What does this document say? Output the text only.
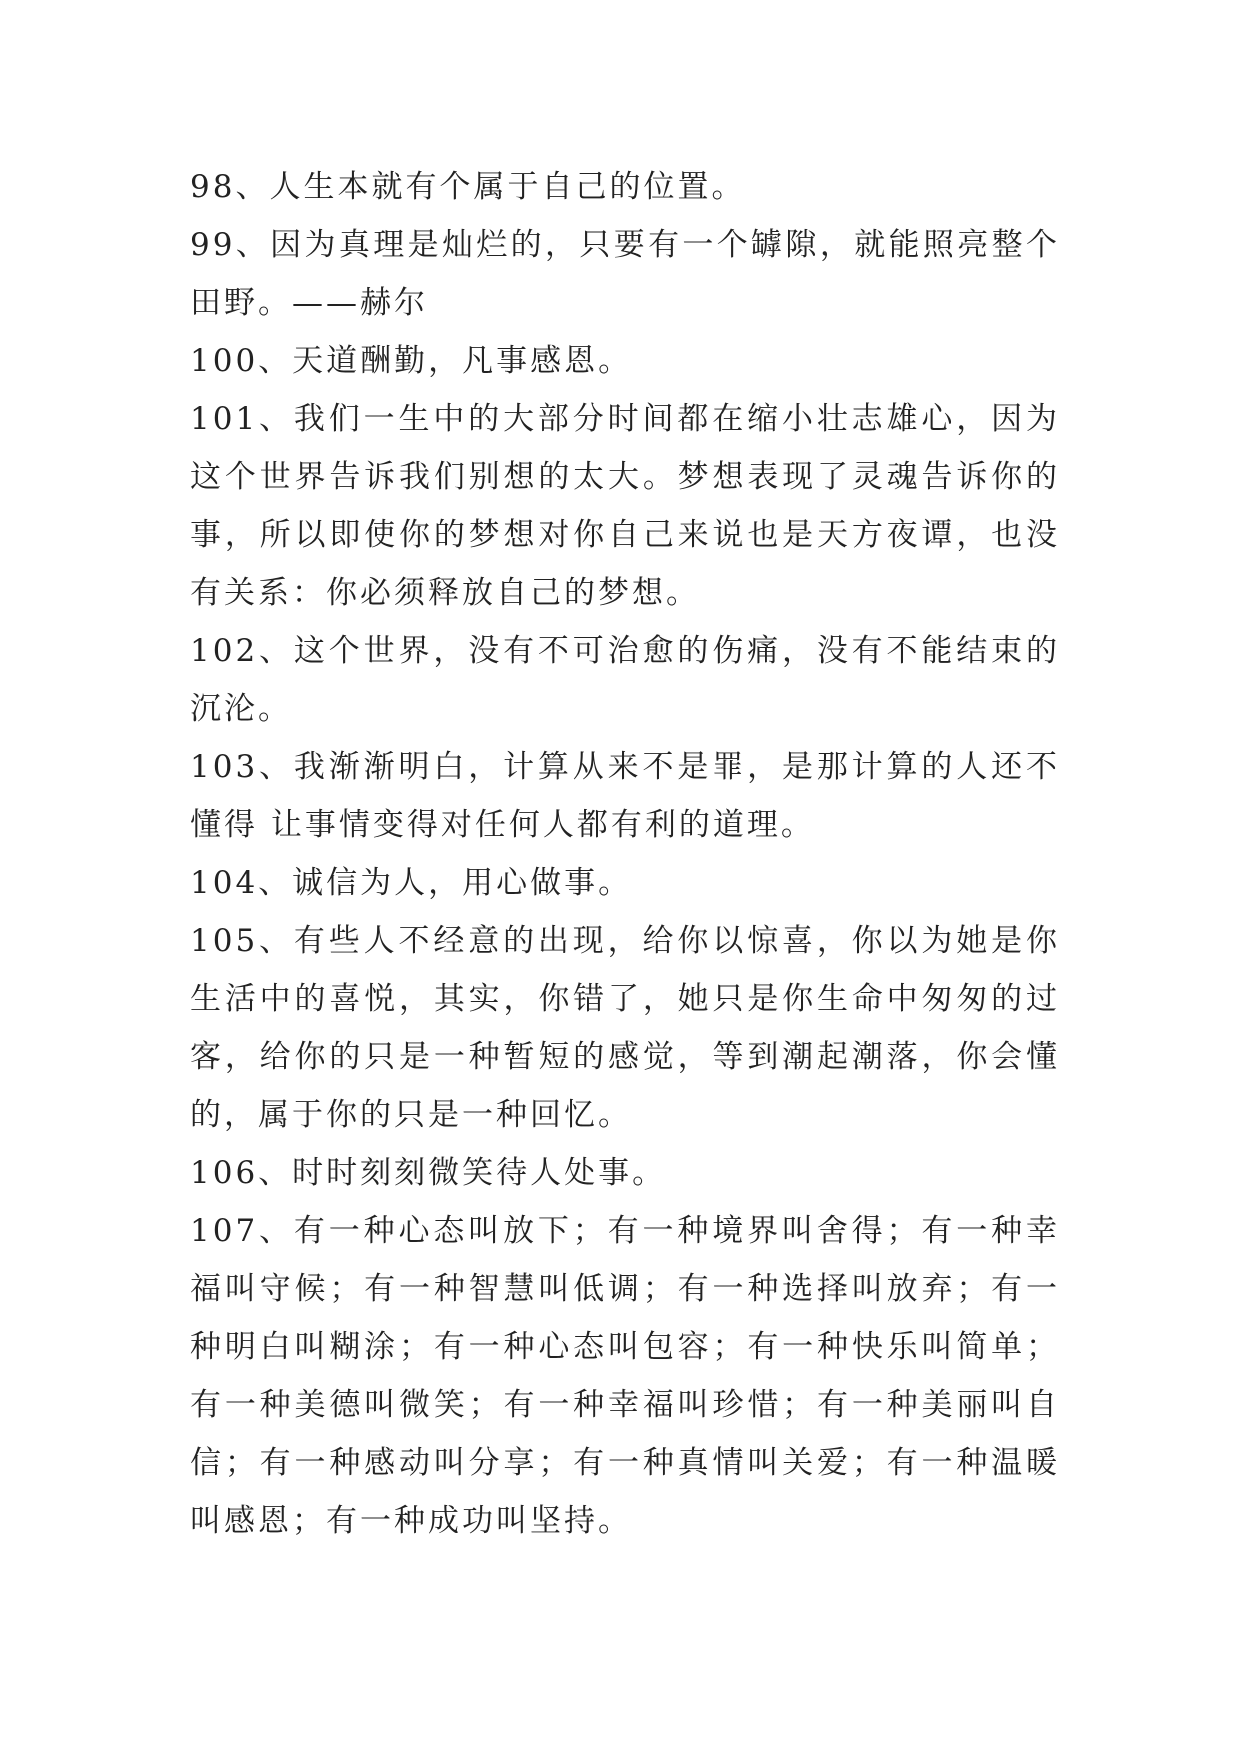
98、人生本就有个属于自己的位置。

99、因为真理是灿烂的，只要有一个罅隙，就能照亮整个田野。——赫尔

100、天道酬勤，凡事感恩。

101、我们一生中的大部分时间都在缩小壮志雄心，因为这个世界告诉我们别想的太大。梦想表现了灵魂告诉你的事，所以即使你的梦想对你自己来说也是天方夜谭，也没有关系：你必须释放自己的梦想。

102、这个世界，没有不可治愈的伤痛，没有不能结束的沉沦。

103、我渐渐明白，计算从来不是罪，是那计算的人还不懂得 让事情变得对任何人都有利的道理。

104、诚信为人，用心做事。

105、有些人不经意的出现，给你以惊喜，你以为她是你生活中的喜悦，其实，你错了，她只是你生命中匆匆的过客，给你的只是一种暂短的感觉，等到潮起潮落，你会懂的，属于你的只是一种回忆。

106、时时刻刻微笑待人处事。

107、有一种心态叫放下；有一种境界叫舍得；有一种幸福叫守候；有一种智慧叫低调；有一种选择叫放弃；有一种明白叫糊涂；有一种心态叫包容；有一种快乐叫简单；有一种美德叫微笑；有一种幸福叫珍惜；有一种美丽叫自信；有一种感动叫分享；有一种真情叫关爱；有一种温暖叫感恩；有一种成功叫坚持。
